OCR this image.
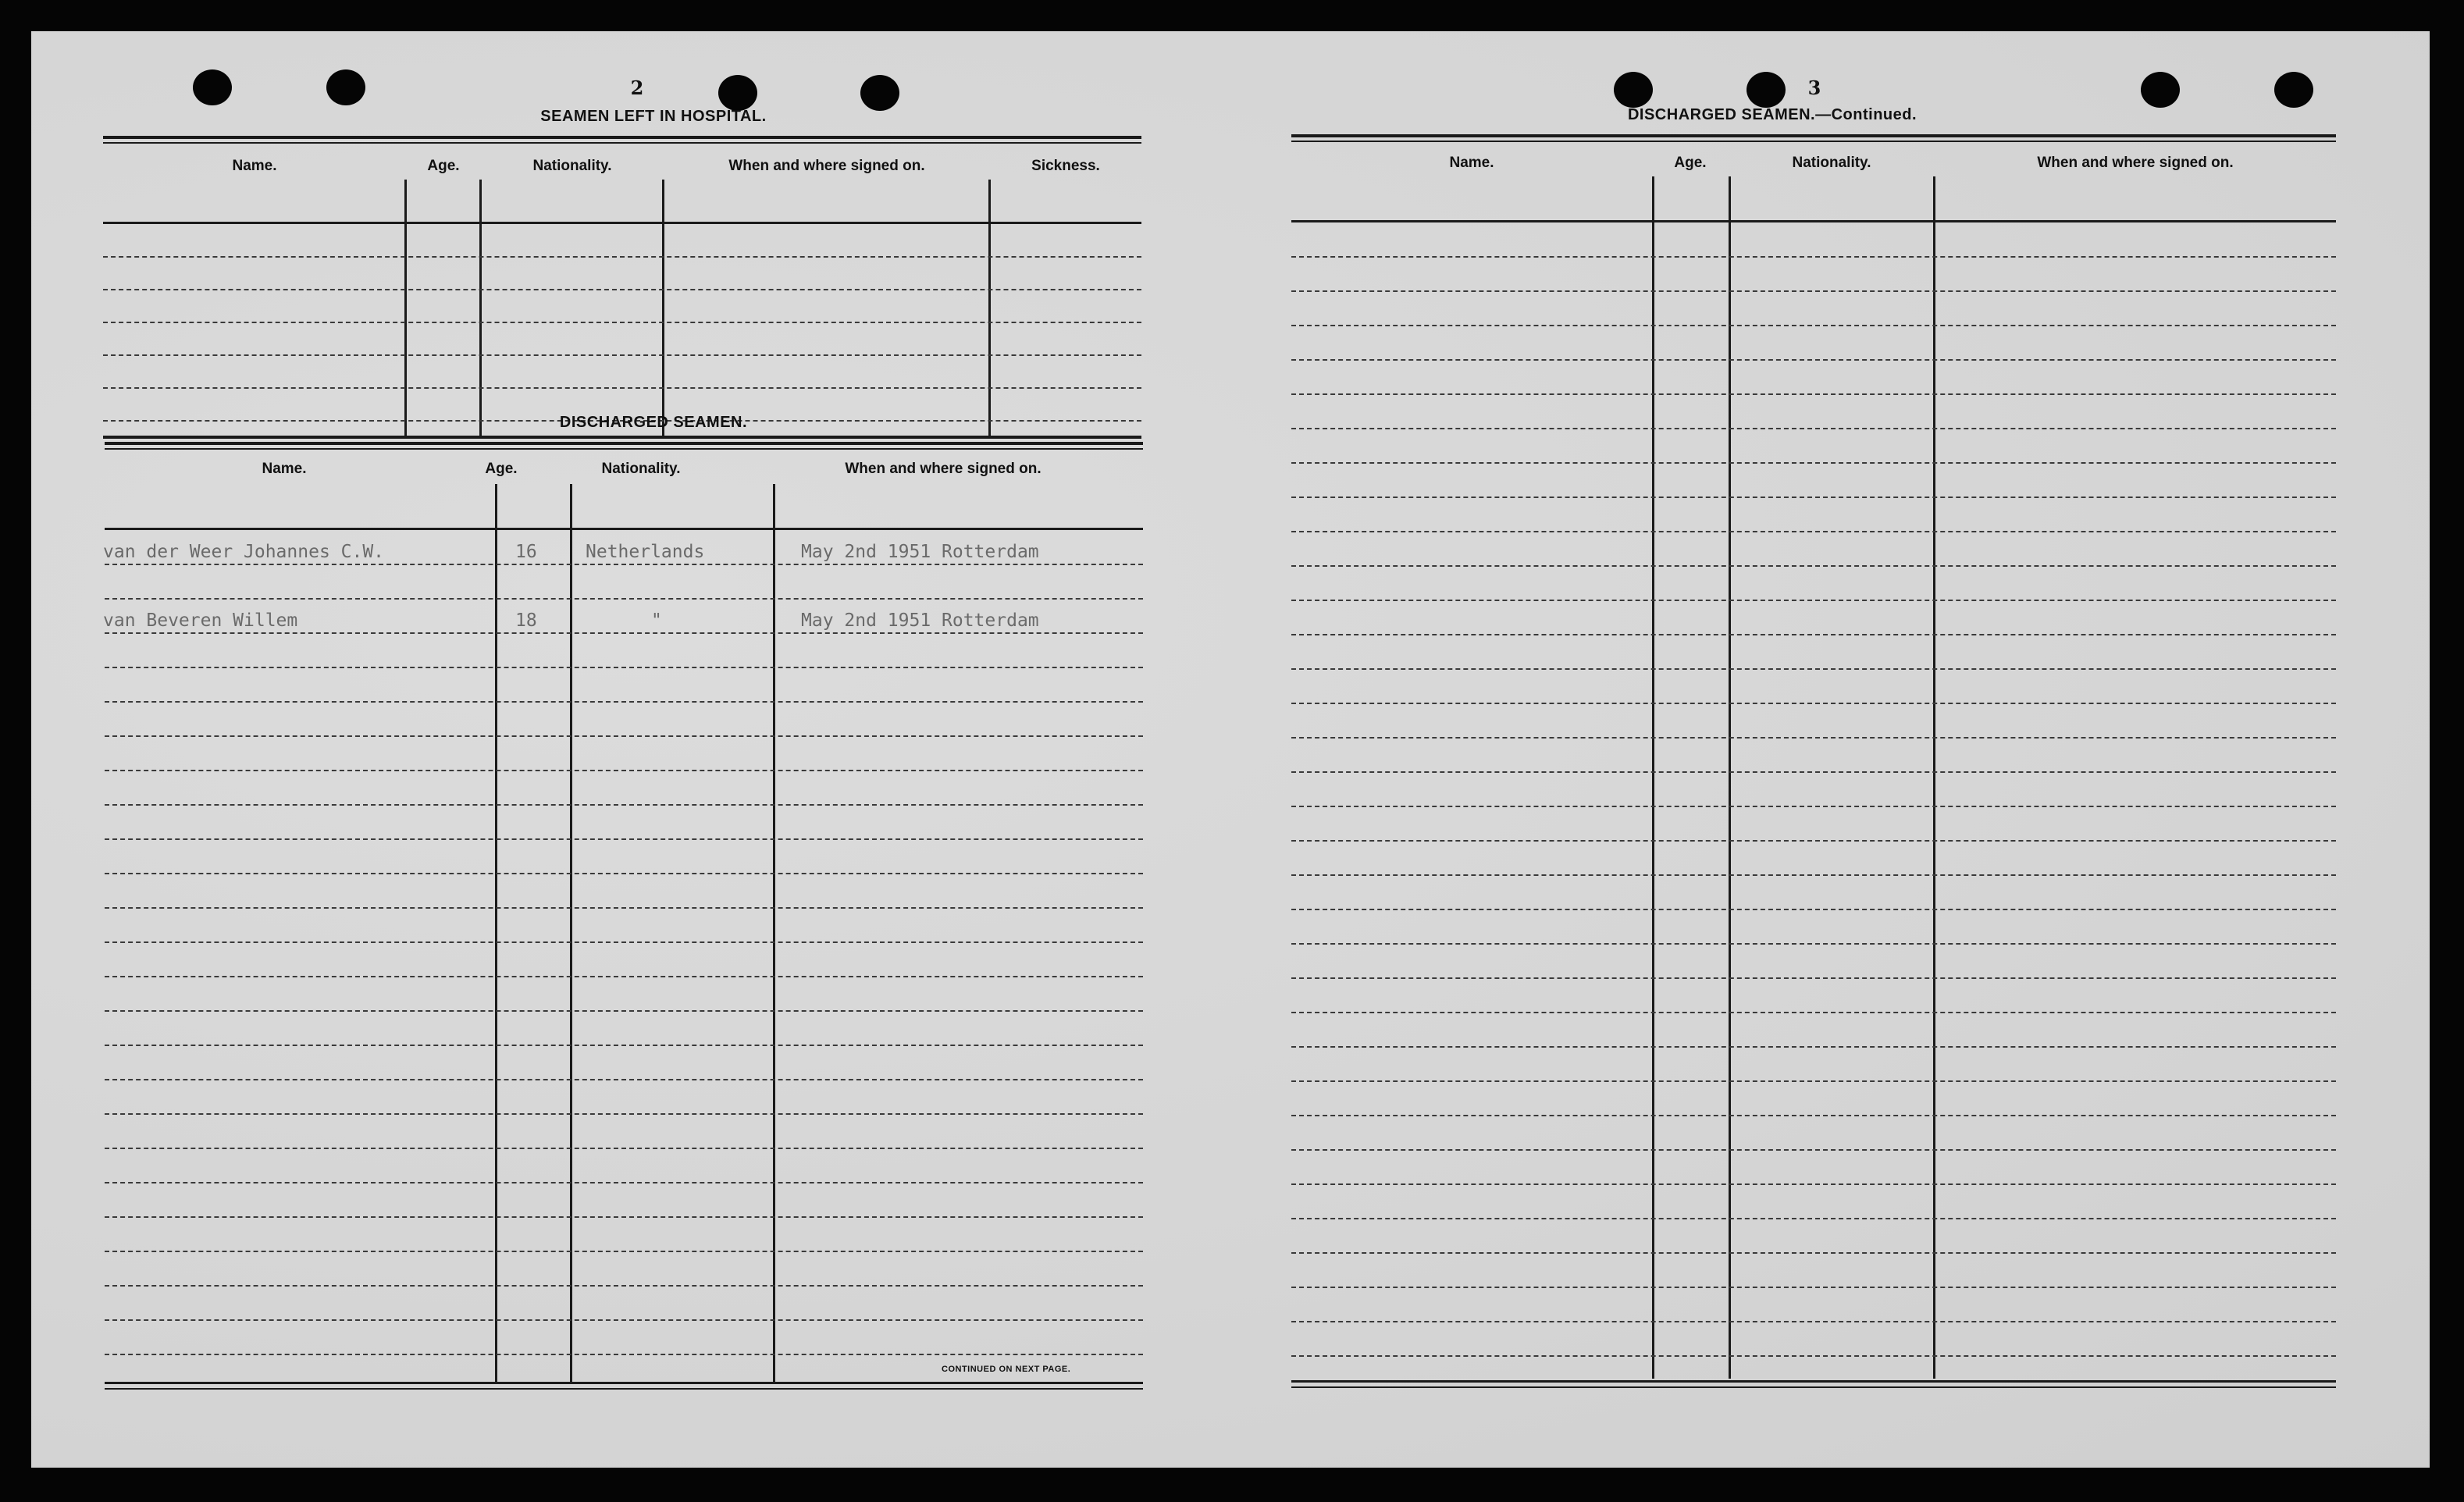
2
SEAMEN LEFT IN HOSPITAL.
Name.	Age.	Nationality.	When and where signed on.	Sickness.
DISCHARGED SEAMEN.
Name.	Age.	Nationality.	When and where signed on.
van der Weer Johannes C.W.	16	Netherlands	May 2nd 1951 Rotterdam
van Beveren Willem	18	"	May 2nd 1951 Rotterdam
CONTINUED ON NEXT PAGE.
3
DISCHARGED SEAMEN.—Continued.
Name.	Age.	Nationality.	When and where signed on.
